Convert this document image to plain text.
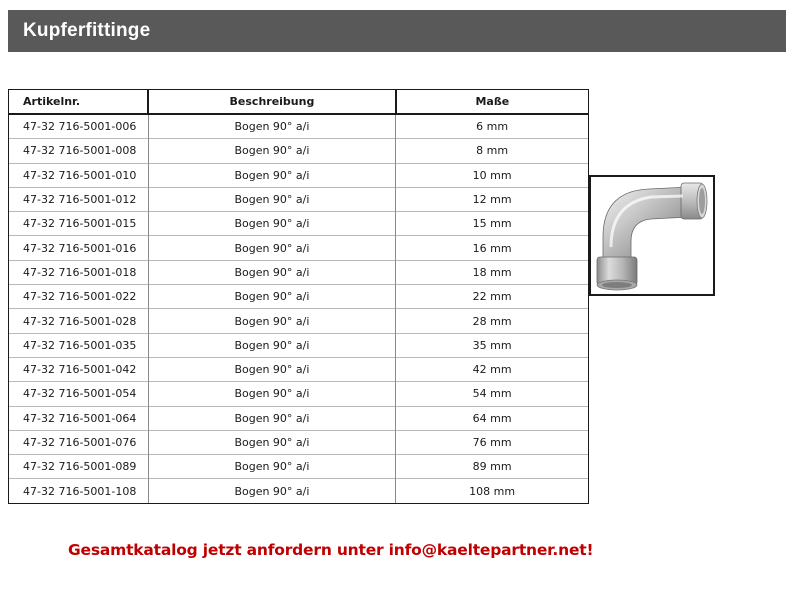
Kupferfittinge
Artikelnr.	Beschreibung	Maße
47-32 716-5001-006	Bogen 90° a/i	6 mm
47-32 716-5001-008	Bogen 90° a/i	8 mm
47-32 716-5001-010	Bogen 90° a/i	10 mm
47-32 716-5001-012	Bogen 90° a/i	12 mm
47-32 716-5001-015	Bogen 90° a/i	15 mm
47-32 716-5001-016	Bogen 90° a/i	16 mm
47-32 716-5001-018	Bogen 90° a/i	18 mm
47-32 716-5001-022	Bogen 90° a/i	22 mm
47-32 716-5001-028	Bogen 90° a/i	28 mm
47-32 716-5001-035	Bogen 90° a/i	35 mm
47-32 716-5001-042	Bogen 90° a/i	42 mm
47-32 716-5001-054	Bogen 90° a/i	54 mm
47-32 716-5001-064	Bogen 90° a/i	64 mm
47-32 716-5001-076	Bogen 90° a/i	76 mm
47-32 716-5001-089	Bogen 90° a/i	89 mm
47-32 716-5001-108	Bogen 90° a/i	108 mm
Gesamtkatalog jetzt anfordern unter info@kaeltepartner.net!
